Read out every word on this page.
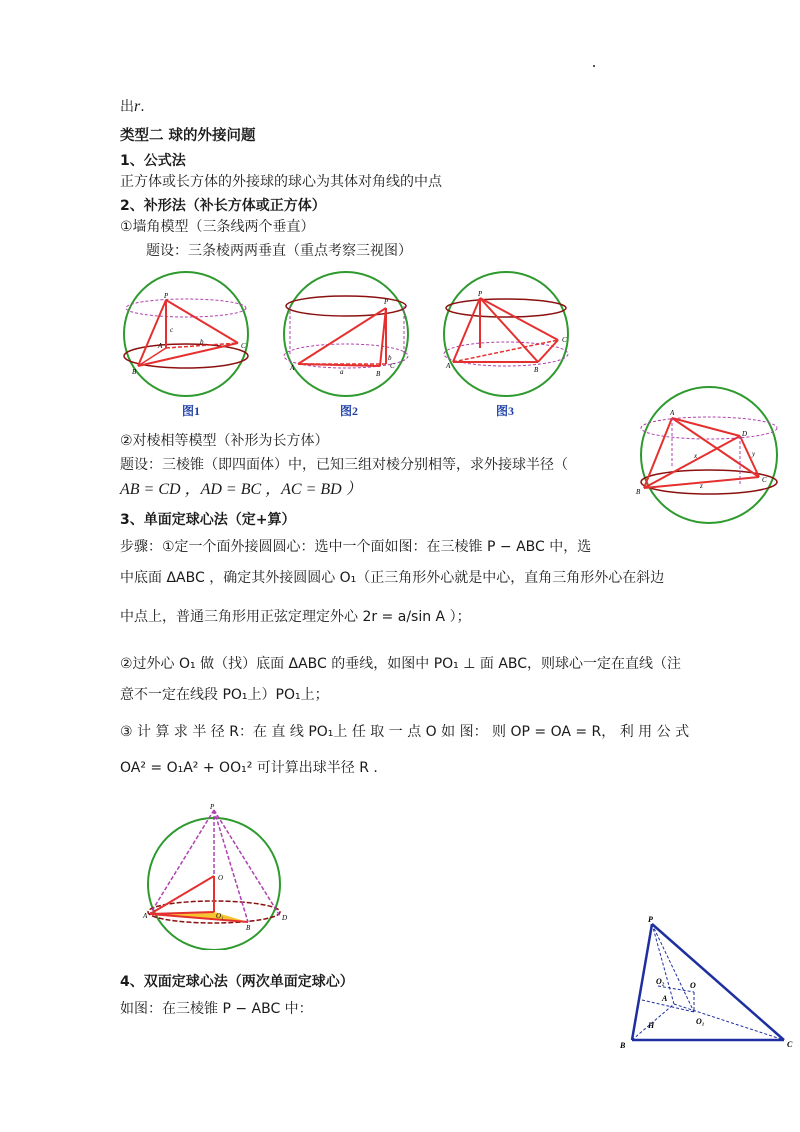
出r.
类型二 球的外接问题
1、公式法
正方体或长方体的外接球的球心为其体对角线的中点
2、补形法（补长方体或正方体）
①墙角模型（三条线两个垂直）
题设：三条棱两两垂直（重点考察三视图）
P
A
B
C
c
b
P
A
B
C
a
b
P
A	B
C
图1	图2	图3	A
D
B
C
x	y
z
②对棱相等模型（补形为长方体）
题设：三棱锥（即四面体）中，已知三组对棱分别相等，求外接球半径（
AB = CD ，AD = BC ，AC = BD ）
3、单面定球心法（定+算）
步骤：①定一个面外接圆圆心：选中一个面如图：在三棱锥 P − ABC 中，选
中底面 ΔABC ，确定其外接圆圆心 O₁（正三角形外心就是中心，直角三角形外心在斜边
中点上，普通三角形用正弦定理定外心 2r = a/sin A ）；
②过外心 O₁ 做（找）底面 ΔABC 的垂线，如图中 PO₁ ⊥ 面 ABC，则球心一定在直线（注
意不一定在线段 PO₁上）PO₁上；
③ 计 算 求 半 径 R：在 直 线 PO₁上 任 取 一 点 O 如 图： 则 OP = OA = R， 利 用 公 式
OA² = O₁A² + OO₁² 可计算出球半径 R .
P
O
O₁
A
B
D
4、双面定球心法（两次单面定球心）
如图：在三棱锥 P − ABC 中：
P
B	C
A
O
O₂
O₁
H
